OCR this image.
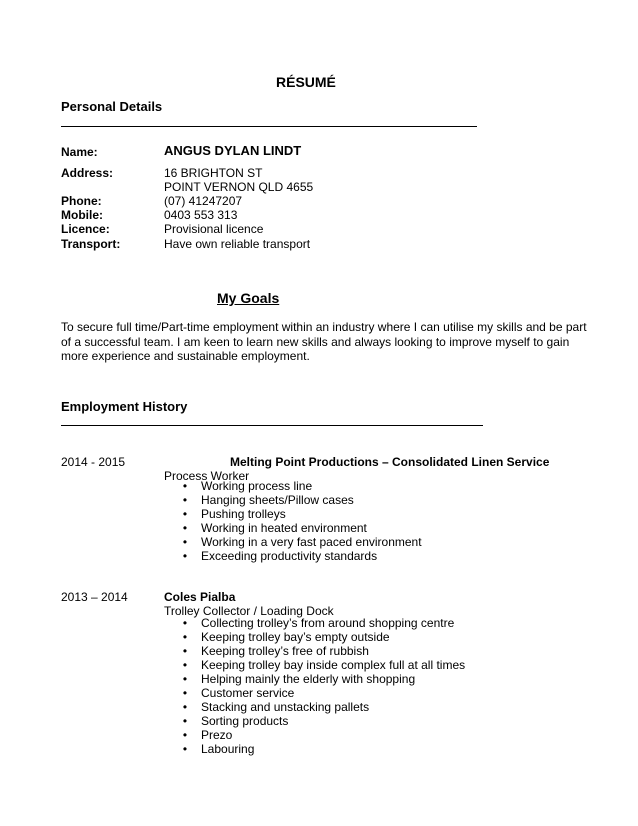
RÉSUMÉ
Personal Details
Name:	ANGUS DYLAN LINDT
Address:	16 BRIGHTON ST
POINT VERNON QLD 4655
Phone:	(07) 41247207
Mobile:	0403 553 313
Licence:	Provisional licence
Transport:	Have own reliable transport
My Goals
To secure full time/Part-time employment within an industry where I can utilise my skills and be part of a successful team. I am keen to learn new skills and always looking to improve myself to gain more experience and sustainable employment.
Employment History
2014 - 2015	Melting Point Productions – Consolidated Linen Service
Process Worker
•	Working process line
•	Hanging sheets/Pillow cases
•	Pushing trolleys
•	Working in heated environment
•	Working in a very fast paced environment
•	Exceeding productivity standards
2013 – 2014	Coles Pialba
Trolley Collector / Loading Dock
•	Collecting trolley’s from around shopping centre
•	Keeping trolley bay’s empty outside
•	Keeping trolley’s free of rubbish
•	Keeping trolley bay inside complex full at all times
•	Helping mainly the elderly with shopping
•	Customer service
•	Stacking and unstacking pallets
•	Sorting products
•	Prezo
•	Labouring
